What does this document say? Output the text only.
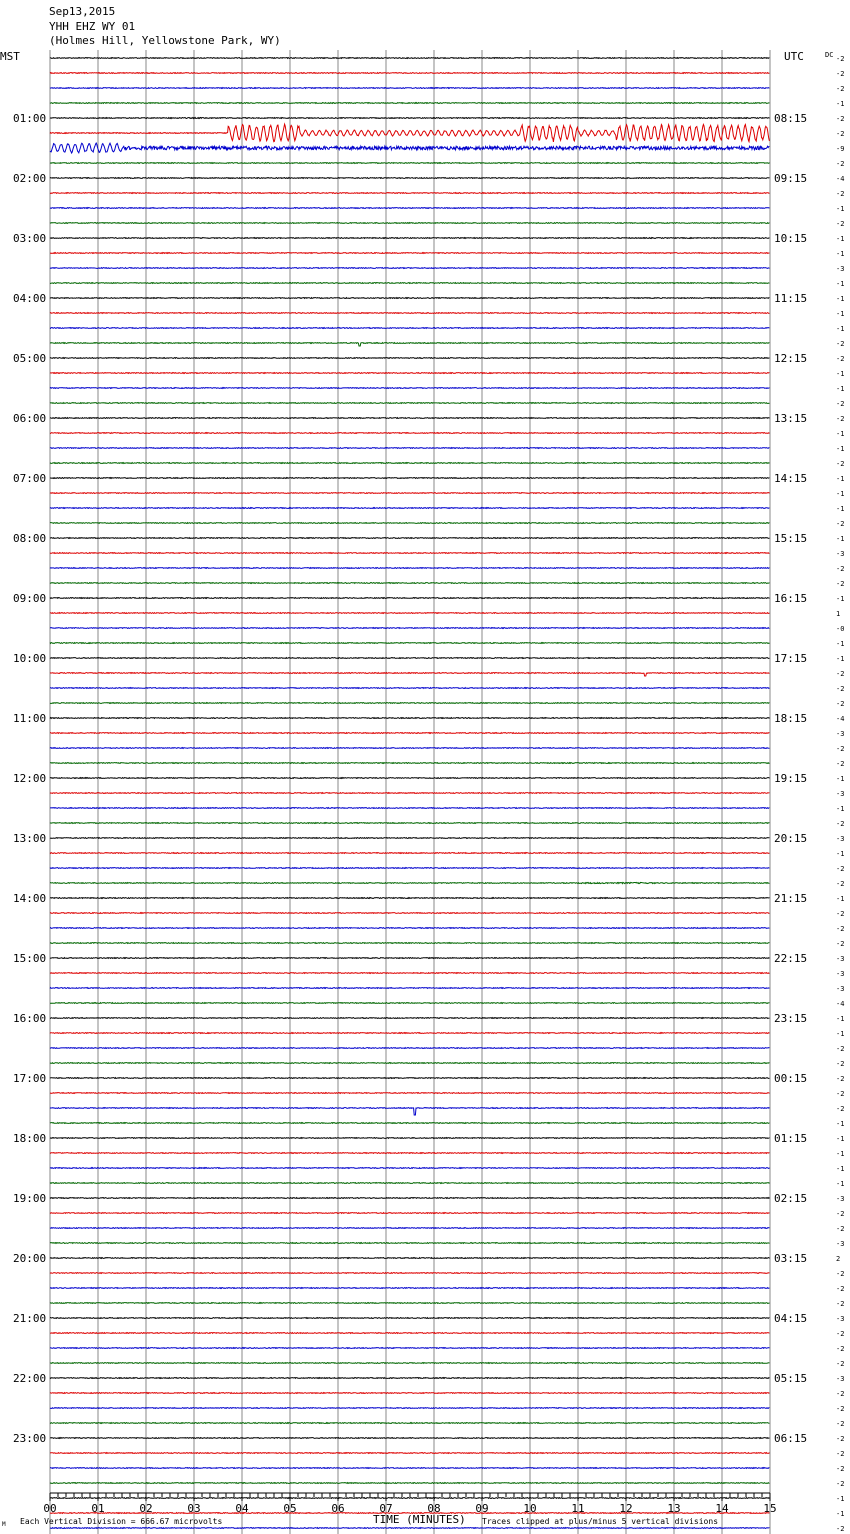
Sep13,2015
YHH EHZ WY 01
(Holmes Hill, Yellowstone Park, WY)
-2
-2
-2
-1
-2
-2
-9
-2
-4
-2
-1
-2
-1
-1
-3
-1
-1
-1
-1
-2
-2
-1
-1
-2
-2
-1
-1
-2
-1
-1
-1
-2
-1
-3
-2
-2
-1
1
-0
-1
-1
-2
-2
-2
-4
-3
-2
-2
-1
-3
-1
-2
-3
-1
-2
-2
-1
-2
-2
-2
-3
-3
-3
-4
-1
-1
-2
-2
-2
-2
-2
-1
-1
-1
-1
-1
-3
-2
-2
-3
2
-2
-2
-2
-3
-2
-2
-2
-3
-2
-2
-2
-2
-2
-2
-2
-1
-1
-2
01:00
02:00
03:00
04:00
05:00
06:00
07:00
08:00
09:00
10:00
11:00
12:00
13:00
14:00
15:00
16:00
17:00
18:00
19:00
20:00
21:00
22:00
23:00
08:15
09:15
10:15
11:15
12:15
13:15
14:15
15:15
16:15
17:15
18:15
19:15
20:15
21:15
22:15
23:15
00:15
01:15
02:15
03:15
04:15
05:15
06:15
00	01	02	03	04	05	06	07	08	09	10	11	12	13	14	15
MST	UTC	DC
TIME (MINUTES)
Each Vertical Division = 666.67 microvolts	Traces clipped at plus/minus 5 vertical divisions
M
